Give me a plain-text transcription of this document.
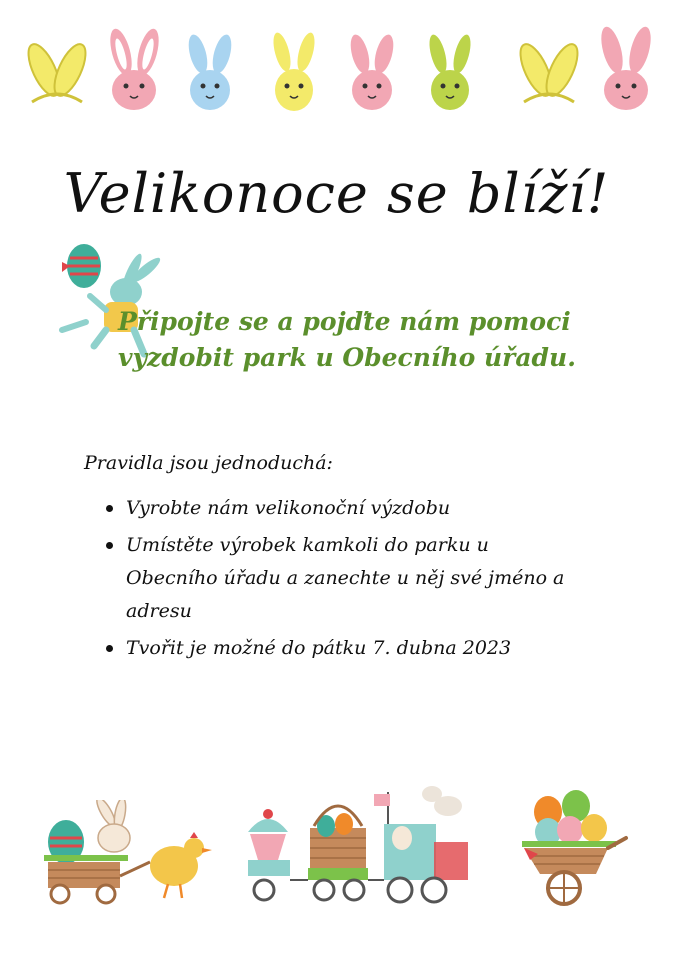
Velikonoce se blíží!
Připojte se a pojďte nám pomoci
vyzdobit park u Obecního úřadu.
Pravidla jsou jednoduchá:
Vyrobte nám velikonoční výzdobu
Umístěte výrobek kamkoli do parku u
Obecního úřadu a zanechte u něj své jméno a
adresu
Tvořit je možné do pátku 7. dubna 2023
